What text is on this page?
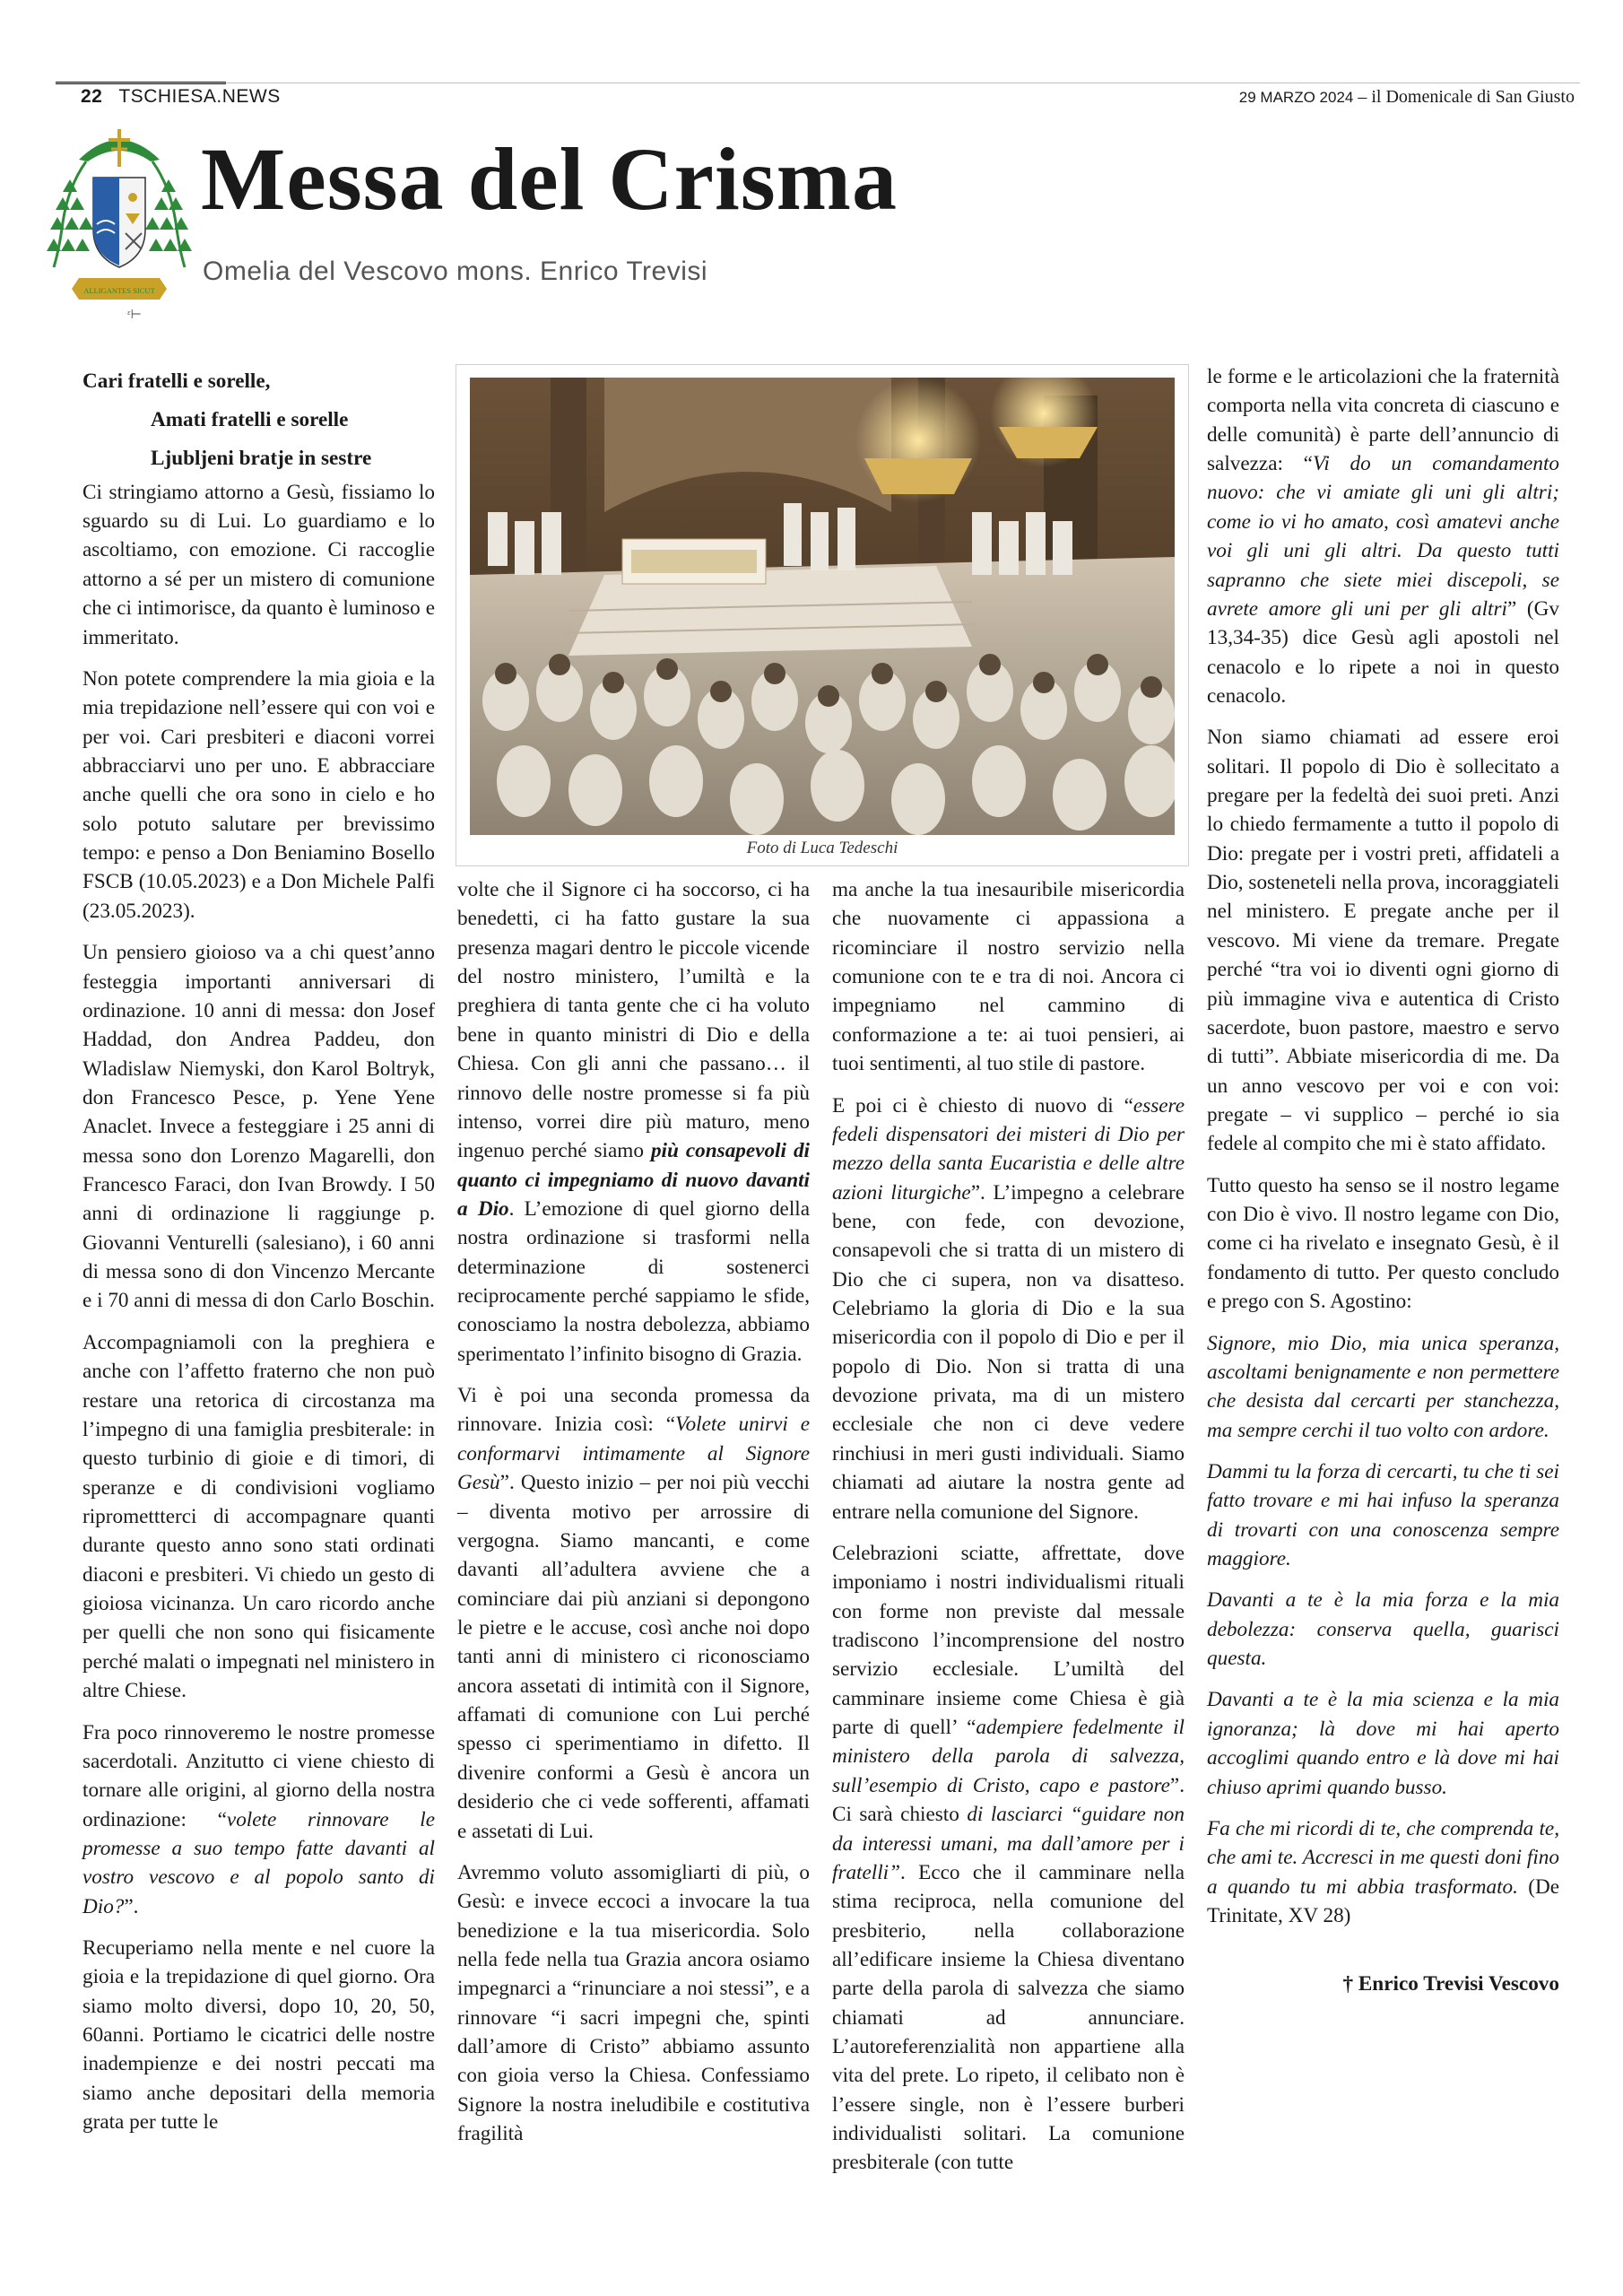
22 TSCHIESA.NEWS	29 MARZO 2024 – il Domenicale di San Giusto
ALLIGANTES SICUT
ᵋ⊢
Messa del Crisma
Omelia del Vescovo mons. Enrico Trevisi
Foto di Luca Tedeschi

Cari fratelli e sorelle,

Amati fratelli e sorelle

Ljubljeni bratje in sestre

Ci stringiamo attorno a Gesù, fissiamo lo sguardo su di Lui. Lo guardiamo e lo ascoltiamo, con emozione. Ci raccoglie attorno a sé per un mistero di comunione che ci intimorisce, da quanto è luminoso e immeritato.

Non potete comprendere la mia gioia e la mia trepidazione nell’essere qui con voi e per voi. Cari presbiteri e diaconi vorrei abbracciarvi uno per uno. E abbracciare anche quelli che ora sono in cielo e ho solo potuto salutare per brevissimo tempo: e penso a Don Beniamino Bosello FSCB (10.05.2023) e a Don Michele Palfi (23.05.2023).

Un pensiero gioioso va a chi quest’anno festeggia importanti anniversari di ordinazione. 10 anni di messa: don Josef Haddad, don Andrea Paddeu, don Wladislaw Niemyski, don Karol Boltryk, don Francesco Pesce, p. Yene Yene Anaclet. Invece a festeggiare i 25 anni di messa sono don Lorenzo Magarelli, don Francesco Faraci, don Ivan Browdy. I 50 anni di ordinazione li raggiunge p. Giovanni Venturelli (salesiano), i 60 anni di messa sono di don Vincenzo Mercante e i 70 anni di messa di don Carlo Boschin.

Accompagniamoli con la preghiera e anche con l’affetto fraterno che non può restare una retorica di circostanza ma l’impegno di una famiglia presbiterale: in questo turbinio di gioie e di timori, di speranze e di condivisioni vogliamo ripromettterci di accompagnare quanti durante questo anno sono stati ordinati diaconi e presbiteri. Vi chiedo un gesto di gioiosa vicinanza. Un caro ricordo anche per quelli che non sono qui fisicamente perché malati o impegnati nel ministero in altre Chiese.

Fra poco rinnoveremo le nostre promesse sacerdotali. Anzitutto ci viene chiesto di tornare alle origini, al giorno della nostra ordinazione: “volete rinnovare le promesse a suo tempo fatte davanti al vostro vescovo e al popolo santo di Dio?”.

Recuperiamo nella mente e nel cuore la gioia e la trepidazione di quel giorno. Ora siamo molto diversi, dopo 10, 20, 50, 60anni. Portiamo le cicatrici delle nostre inadempienze e dei nostri peccati ma siamo anche depositari della memoria grata per tutte le

volte che il Signore ci ha soccorso, ci ha benedetti, ci ha fatto gustare la sua presenza magari dentro le piccole vicende del nostro ministero, l’umiltà e la preghiera di tanta gente che ci ha voluto bene in quanto ministri di Dio e della Chiesa. Con gli anni che passano… il rinnovo delle nostre promesse si fa più intenso, vorrei dire più maturo, meno ingenuo perché siamo più consapevoli di quanto ci impegniamo di nuovo davanti a Dio. L’emozione di quel giorno della nostra ordinazione si trasformi nella determinazione di sostenerci reciprocamente perché sappiamo le sfide, conosciamo la nostra debolezza, abbiamo sperimentato l’infinito bisogno di Grazia.

Vi è poi una seconda promessa da rinnovare. Inizia così: “Volete unirvi e conformarvi intimamente al Signore Gesù”. Questo inizio – per noi più vecchi – diventa motivo per arrossire di vergogna. Siamo mancanti, e come davanti all’adultera avviene che a cominciare dai più anziani si depongono le pietre e le accuse, così anche noi dopo tanti anni di ministero ci riconosciamo ancora assetati di intimità con il Signore, affamati di comunione con Lui perché spesso ci sperimentiamo in difetto. Il divenire conformi a Gesù è ancora un desiderio che ci vede sofferenti, affamati e assetati di Lui.

Avremmo voluto assomigliarti di più, o Gesù: e invece eccoci a invocare la tua benedizione e la tua misericordia. Solo nella fede nella tua Grazia ancora osiamo impegnarci a “rinunciare a noi stessi”, e a rinnovare “i sacri impegni che, spinti dall’amore di Cristo” abbiamo assunto con gioia verso la Chiesa. Confessiamo Signore la nostra ineludibile e costitutiva fragilità

ma anche la tua inesauribile misericordia che nuovamente ci appassiona a ricominciare il nostro servizio nella comunione con te e tra di noi. Ancora ci impegniamo nel cammino di conformazione a te: ai tuoi pensieri, ai tuoi sentimenti, al tuo stile di pastore.

E poi ci è chiesto di nuovo di “essere fedeli dispensatori dei misteri di Dio per mezzo della santa Eucaristia e delle altre azioni liturgiche”. L’impegno a celebrare bene, con fede, con devozione, consapevoli che si tratta di un mistero di Dio che ci supera, non va disatteso. Celebriamo la gloria di Dio e la sua misericordia con il popolo di Dio e per il popolo di Dio. Non si tratta di una devozione privata, ma di un mistero ecclesiale che non ci deve vedere rinchiusi in meri gusti individuali. Siamo chiamati ad aiutare la nostra gente ad entrare nella comunione del Signore.

Celebrazioni sciatte, affrettate, dove imponiamo i nostri individualismi rituali con forme non previste dal messale tradiscono l’incomprensione del nostro servizio ecclesiale. L’umiltà del camminare insieme come Chiesa è già parte di quell’ “adempiere fedelmente il ministero della parola di salvezza, sull’esempio di Cristo, capo e pastore”. Ci sarà chiesto di lasciarci “guidare non da interessi umani, ma dall’amore per i fratelli”. Ecco che il camminare nella stima reciproca, nella comunione del presbiterio, nella collaborazione all’edificare insieme la Chiesa diventano parte della parola di salvezza che siamo chiamati ad annunciare. L’autoreferenzialità non appartiene alla vita del prete. Lo ripeto, il celibato non è l’essere single, non è l’essere burberi individualisti solitari. La comunione presbiterale (con tutte

le forme e le articolazioni che la fraternità comporta nella vita concreta di ciascuno e delle comunità) è parte dell’annuncio di salvezza: “Vi do un comandamento nuovo: che vi amiate gli uni gli altri; come io vi ho amato, così amatevi anche voi gli uni gli altri. Da questo tutti sapranno che siete miei discepoli, se avrete amore gli uni per gli altri” (Gv 13,34-35) dice Gesù agli apostoli nel cenacolo e lo ripete a noi in questo cenacolo.

Non siamo chiamati ad essere eroi solitari. Il popolo di Dio è sollecitato a pregare per la fedeltà dei suoi preti. Anzi lo chiedo fermamente a tutto il popolo di Dio: pregate per i vostri preti, affidateli a Dio, sosteneteli nella prova, incoraggiateli nel ministero. E pregate anche per il vescovo. Mi viene da tremare. Pregate perché “tra voi io diventi ogni giorno di più immagine viva e autentica di Cristo sacerdote, buon pastore, maestro e servo di tutti”. Abbiate misericordia di me. Da un anno vescovo per voi e con voi: pregate – vi supplico – perché io sia fedele al compito che mi è stato affidato.

Tutto questo ha senso se il nostro legame con Dio è vivo. Il nostro legame con Dio, come ci ha rivelato e insegnato Gesù, è il fondamento di tutto. Per questo concludo e prego con S. Agostino:

Signore, mio Dio, mia unica speranza, ascoltami benignamente e non permettere che desista dal cercarti per stanchezza, ma sempre cerchi il tuo volto con ardore.

Dammi tu la forza di cercarti, tu che ti sei fatto trovare e mi hai infuso la speranza di trovarti con una conoscenza sempre maggiore.

Davanti a te è la mia forza e la mia debolezza: conserva quella, guarisci questa.

Davanti a te è la mia scienza e la mia ignoranza; là dove mi hai aperto accoglimi quando entro e là dove mi hai chiuso aprimi quando busso.

Fa che mi ricordi di te, che comprenda te, che ami te. Accresci in me questi doni fino a quando tu mi abbia trasformato. (De Trinitate, XV 28)

† Enrico Trevisi Vescovo
